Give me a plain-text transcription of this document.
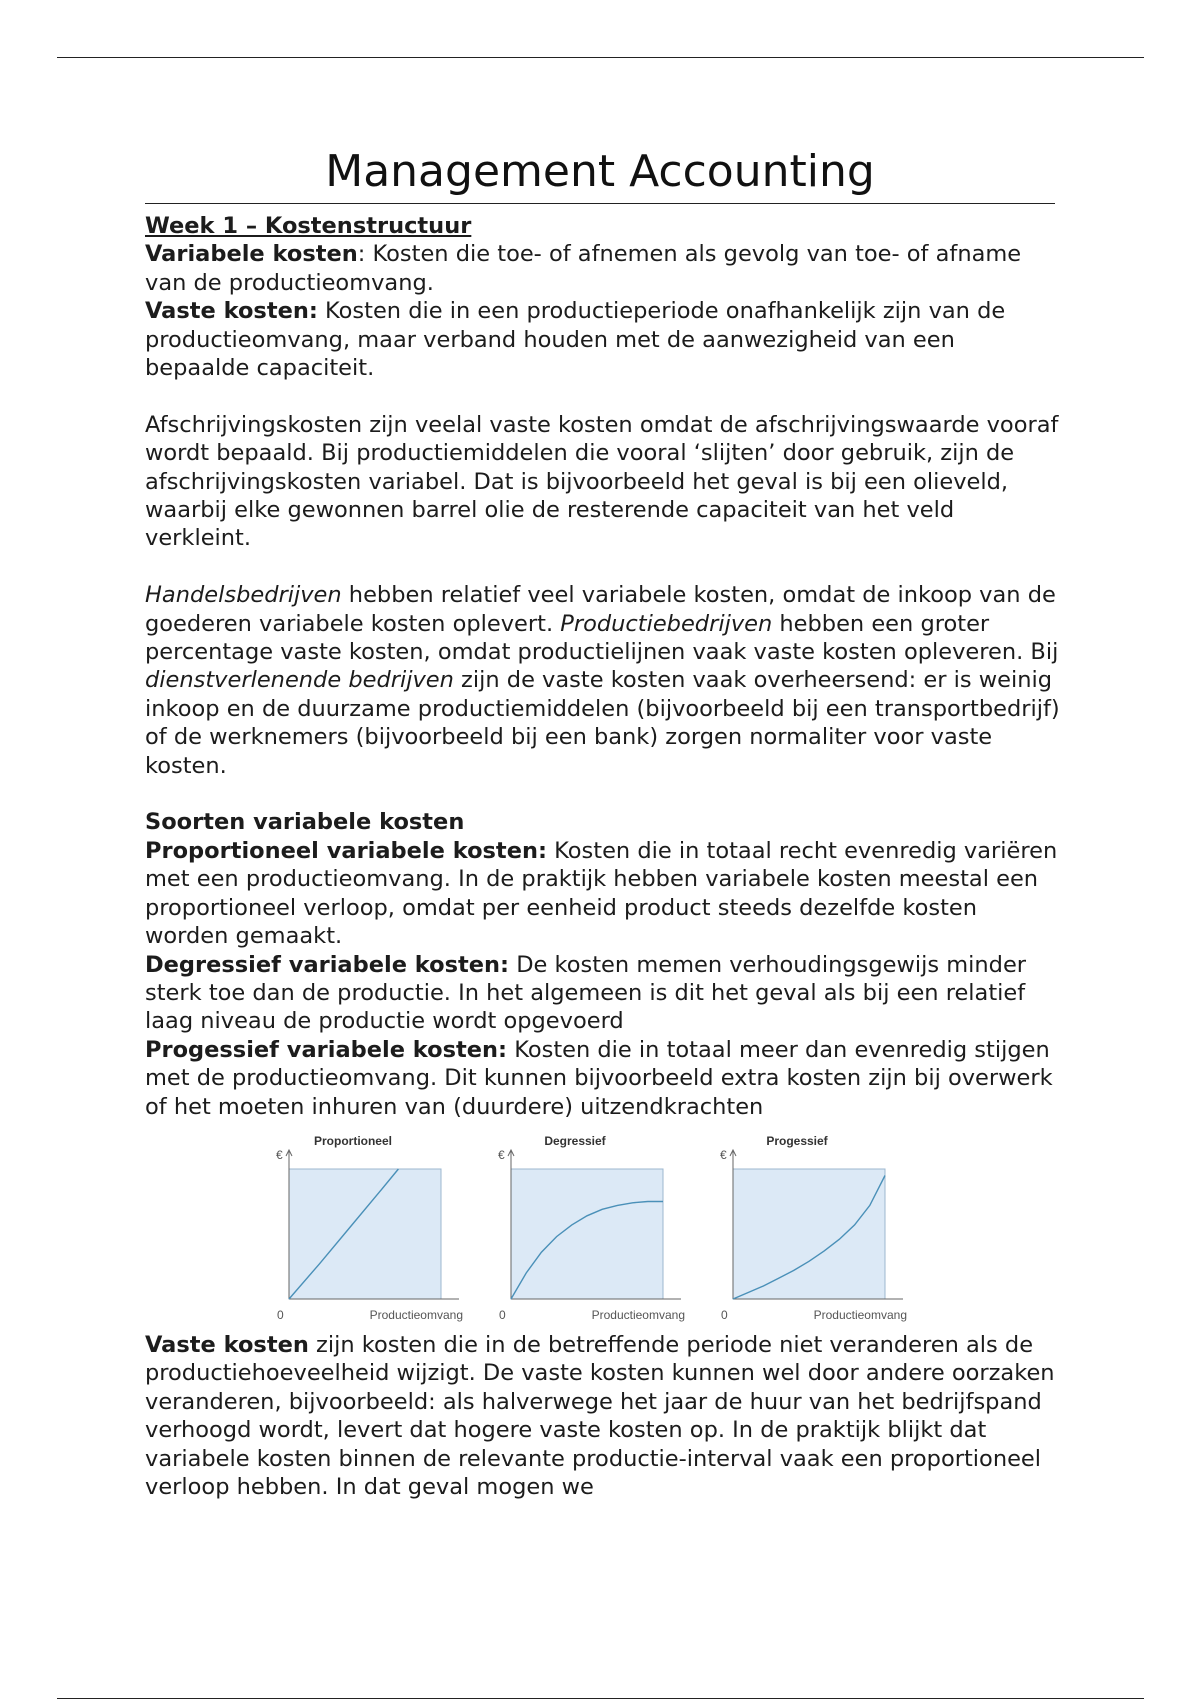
Management Accounting

Week 1 – Kostenstructuur

Variabele kosten: Kosten die toe- of afnemen als gevolg van toe- of afname van de productieomvang.

Vaste kosten: Kosten die in een productieperiode onafhankelijk zijn van de productieomvang, maar verband houden met de aanwezigheid van een bepaalde capaciteit.

Afschrijvingskosten zijn veelal vaste kosten omdat de afschrijvingswaarde vooraf wordt bepaald. Bij productiemiddelen die vooral ‘slijten’ door gebruik, zijn de afschrijvingskosten variabel. Dat is bijvoorbeeld het geval is bij een olieveld, waarbij elke gewonnen barrel olie de resterende capaciteit van het veld verkleint.

Handelsbedrijven hebben relatief veel variabele kosten, omdat de inkoop van de goederen variabele kosten oplevert. Productiebedrijven hebben een groter percentage vaste kosten, omdat productielijnen vaak vaste kosten opleveren. Bij dienstverlenende bedrijven zijn de vaste kosten vaak overheersend: er is weinig inkoop en de duurzame productiemiddelen (bijvoorbeeld bij een transportbedrijf) of de werknemers (bijvoorbeeld bij een bank) zorgen normaliter voor vaste kosten.

Soorten variabele kosten

Proportioneel variabele kosten: Kosten die in totaal recht evenredig variëren met een productieomvang. In de praktijk hebben variabele kosten meestal een proportioneel verloop, omdat per eenheid product steeds dezelfde kosten worden gemaakt.

Degressief variabele kosten: De kosten memen verhoudingsgewijs minder sterk toe dan de productie. In het algemeen is dit het geval als bij een relatief laag niveau de productie wordt opgevoerd

Progessief variabele kosten: Kosten die in totaal meer dan evenredig stijgen met de productieomvang. Dit kunnen bijvoorbeeld extra kosten zijn bij overwerk of het moeten inhuren van (duurdere) uitzendkrachten

Proportioneel
€
0	Productieomvang
Degressief
€
0	Productieomvang
Progessief
€
0	Productieomvang

Vaste kosten zijn kosten die in de betreffende periode niet veranderen als de productiehoeveelheid wijzigt. De vaste kosten kunnen wel door andere oorzaken veranderen, bijvoorbeeld: als halverwege het jaar de huur van het bedrijfspand verhoogd wordt, levert dat hogere vaste kosten op. In de praktijk blijkt dat variabele kosten binnen de relevante productie-interval vaak een proportioneel verloop hebben. In dat geval mogen we
